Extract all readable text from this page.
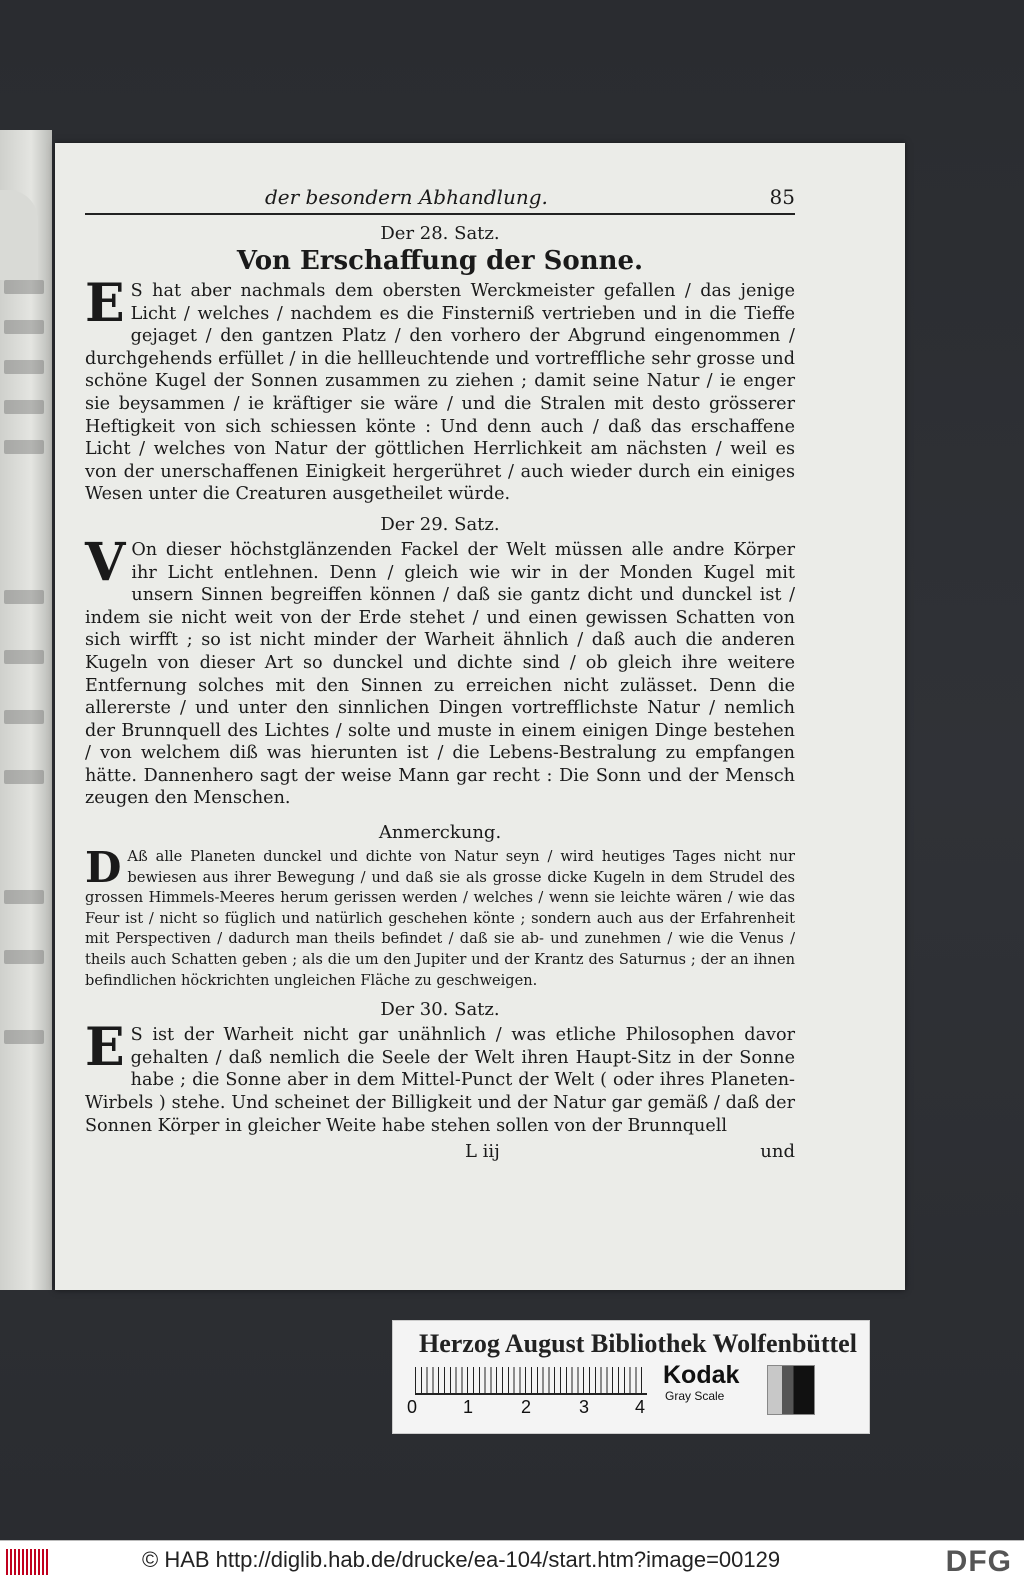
der besondern Abhandlung.	85
Der 28. Satz.
Von Erschaffung der Sonne.
E S hat aber nachmals dem obersten Werckmeister gefallen / das jenige Licht / welches / nachdem es die Finsterniß vertrieben und in die Tieffe gejaget / den gantzen Platz / den vorhero der Abgrund eingenommen / durchgehends erfüllet / in die hellleuchtende und vortreffliche sehr grosse und schöne Kugel der Sonnen zusammen zu ziehen ; damit seine Natur / ie enger sie beysammen / ie kräftiger sie wäre / und die Stralen mit desto grösserer Heftigkeit von sich schiessen könte : Und denn auch / daß das erschaffene Licht / welches von Natur der göttlichen Herrlichkeit am nächsten / weil es von der unerschaffenen Einigkeit hergerühret / auch wieder durch ein einiges Wesen unter die Creaturen ausgetheilet würde.
Der 29. Satz.
V On dieser höchstglänzenden Fackel der Welt müssen alle andre Körper ihr Licht entlehnen. Denn / gleich wie wir in der Monden Kugel mit unsern Sinnen begreiffen können / daß sie gantz dicht und dunckel ist / indem sie nicht weit von der Erde stehet / und einen gewissen Schatten von sich wirfft ; so ist nicht minder der Warheit ähnlich / daß auch die anderen Kugeln von dieser Art so dunckel und dichte sind / ob gleich ihre weitere Entfernung solches mit den Sinnen zu erreichen nicht zulässet. Denn die allererste / und unter den sinnlichen Dingen vortrefflichste Natur / nemlich der Brunnquell des Lichtes / solte und muste in einem einigen Dinge bestehen / von welchem diß was hierunten ist / die Lebens-Bestralung zu empfangen hätte. Dannenhero sagt der weise Mann gar recht : Die Sonn und der Mensch zeugen den Menschen.
Anmerckung.
D Aß alle Planeten dunckel und dichte von Natur seyn / wird heutiges Tages nicht nur bewiesen aus ihrer Bewegung / und daß sie als grosse dicke Kugeln in dem Strudel des grossen Himmels-Meeres herum gerissen werden / welches / wenn sie leichte wären / wie das Feur ist / nicht so füglich und natürlich geschehen könte ; sondern auch aus der Erfahrenheit mit Perspectiven / dadurch man theils befindet / daß sie ab- und zunehmen / wie die Venus / theils auch Schatten geben ; als die um den Jupiter und der Krantz des Saturnus ; der an ihnen befindlichen höckrichten ungleichen Fläche zu geschweigen.
Der 30. Satz.
E S ist der Warheit nicht gar unähnlich / was etliche Philosophen davor gehalten / daß nemlich die Seele der Welt ihren Haupt-Sitz in der Sonne habe ; die Sonne aber in dem Mittel-Punct der Welt ( oder ihres Planeten-Wirbels ) stehe. Und scheinet der Billigkeit und der Natur gar gemäß / daß der Sonnen Körper in gleicher Weite habe stehen sollen von der Brunnquell
L iij	und
Herzog August Bibliothek Wolfenbüttel
0	1	2	3	4
Kodak
Gray Scale
© HAB http://diglib.hab.de/drucke/ea-104/start.htm?image=00129	DFG
